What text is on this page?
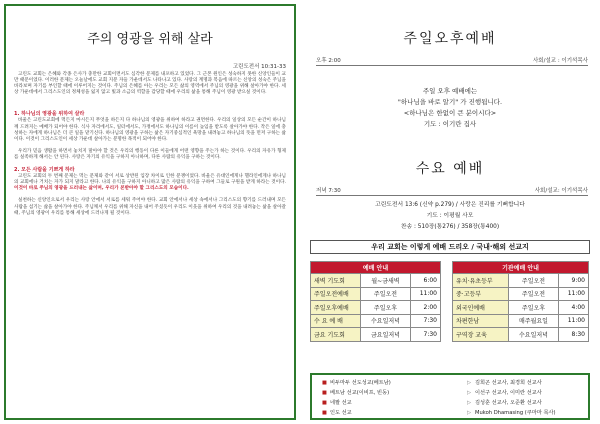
주의 영광을 위해 살라
고린도전서 10:31-33

고린도 교회는 은혜와 각종 은사가 충만한 교회이면서도 심각한 문제를 내포하고 있었다. 그 근본 원인은 성숙하지 못한 신앙인들이 교만 때문이었다. 이러한 문제는 오늘날에도 교회 지분 자들 가운데서도 나타나고 있다. 사랑의 계명과 복음에 따르는 신앙의 성숙은 주님을 바라보며 자기를 부인할 때에 이루어지는 것이다. 주님의 은혜를 아는 우리는 모든 삶의 영역에서 주님의 영광을 위해 살아가야 한다. 세상 가운데에서 그리스도인의 정체성을 잃지 않고 빛과 소금의 역할을 감당할 때에 우리의 삶을 통해 주님이 영광 받으실 것이다.

1. 하나님의 영광을 위하여 살라

바울은 고린도교회에 먹든지 마시든지 무엇을 하든지 다 하나님의 영광을 위하여 하라고 권면한다. 우리의 일상의 모든 순간이 하나님께 드려지는 예배가 되어야 한다. 식사 자리에서도, 일터에서도, 가정에서도 하나님의 이름이 높임을 받도록 살아가야 한다. 작은 일에 충성하는 자에게 하나님은 더 큰 일을 맡기신다. 하나님의 영광을 구하는 삶은 자기중심적인 욕망을 내려놓고 하나님의 뜻을 먼저 구하는 삶이다. 이것이 그리스도인이 세상 가운데 살아가는 분명한 목적이 되어야 한다.

우리가 믿음 생활을 하면서 놓치지 말아야 할 것은 우리의 행동이 다른 이들에게 어떤 영향을 주는가 하는 것이다. 우리의 자유가 형제를 실족하게 해서는 안 된다. 사랑은 자기의 유익을 구하지 아니하며, 다른 사람의 유익을 구하는 것이다.

2. 모든 사람을 기쁘게 하라

고린도 교회의 두 번째 문제는 먹는 문제와 같이 서로 상반된 입장 차이로 인한 분쟁이었다. 바울은 유대인에게나 헬라인에게나 하나님의 교회에나 거치는 자가 되지 말라고 한다. 나의 유익을 구하지 아니하고 많은 사람의 유익을 구하여 그들로 구원을 받게 하라는 것이다. 이것이 바로 주님의 영광을 드러내는 삶이며, 우리가 본받아야 할 그리스도의 모습이다.

실천하는 신앙인으로서 우리는 사랑 안에서 서로를 세워 주어야 한다. 교회 안에서나 세상 속에서나 그리스도의 향기를 드러내며 모든 사람을 섬기는 삶을 살아가야 한다. 주님께서 우리를 위해 자신을 내어 주셨듯이 우리도 이웃을 위하여 우리의 것을 내려놓는 삶을 살아갈 때, 주님의 영광이 우리를 통해 세상에 드러나게 될 것이다.

주일오후예배
오후 2:00	사회/설교 : 이기석목사
주일 오후 예배에는
"하나님을 바로 알기" 가 진행됩니다.
<하나님은 한없이 큰 분이시다>
기도 : 이기란 집사
수요 예배
저녁 7:30	사회/설교: 이기석목사
고린도전서 13:6 (신약 p.279) / 사랑은 진리를 기뻐합니다
기도 : 이평월 사모
찬송 : 510장(통276) / 358장(통400)
우리 교회는 이렇게 예배 드리오 / 국내·해외 선교지
예배 안내		
새벽 기도회	월~금새벽	6:00
주일오전예배	주일오전	11:00
주일오후예배	주일오후	2:00
수 요 예 배	수요일저녁	7:30
금요 기도회	금요일저녁	7:30
기관예배 안내		
유치·유초등부	주일오전	9:00
중·고등부	주일오전	11:00
외국인예배	주일오후	4:00
차편한남	매주월요일	11:00
구역장 교육	수요일저녁	8:30
■ 비두마두 선도성교(베트남)	▷ 김희곤 선교사, 최경희 선교사
■ 베트남 선교(이비프, 빈동)	▷ 이선구 선교사, 이미란 선교사
■ 네팔 선교	▷ 김성훈 선교사, 오준환 선교사
■ 인도 선교	▷ Mukoh Dhamasing (쿠마마 목사)
